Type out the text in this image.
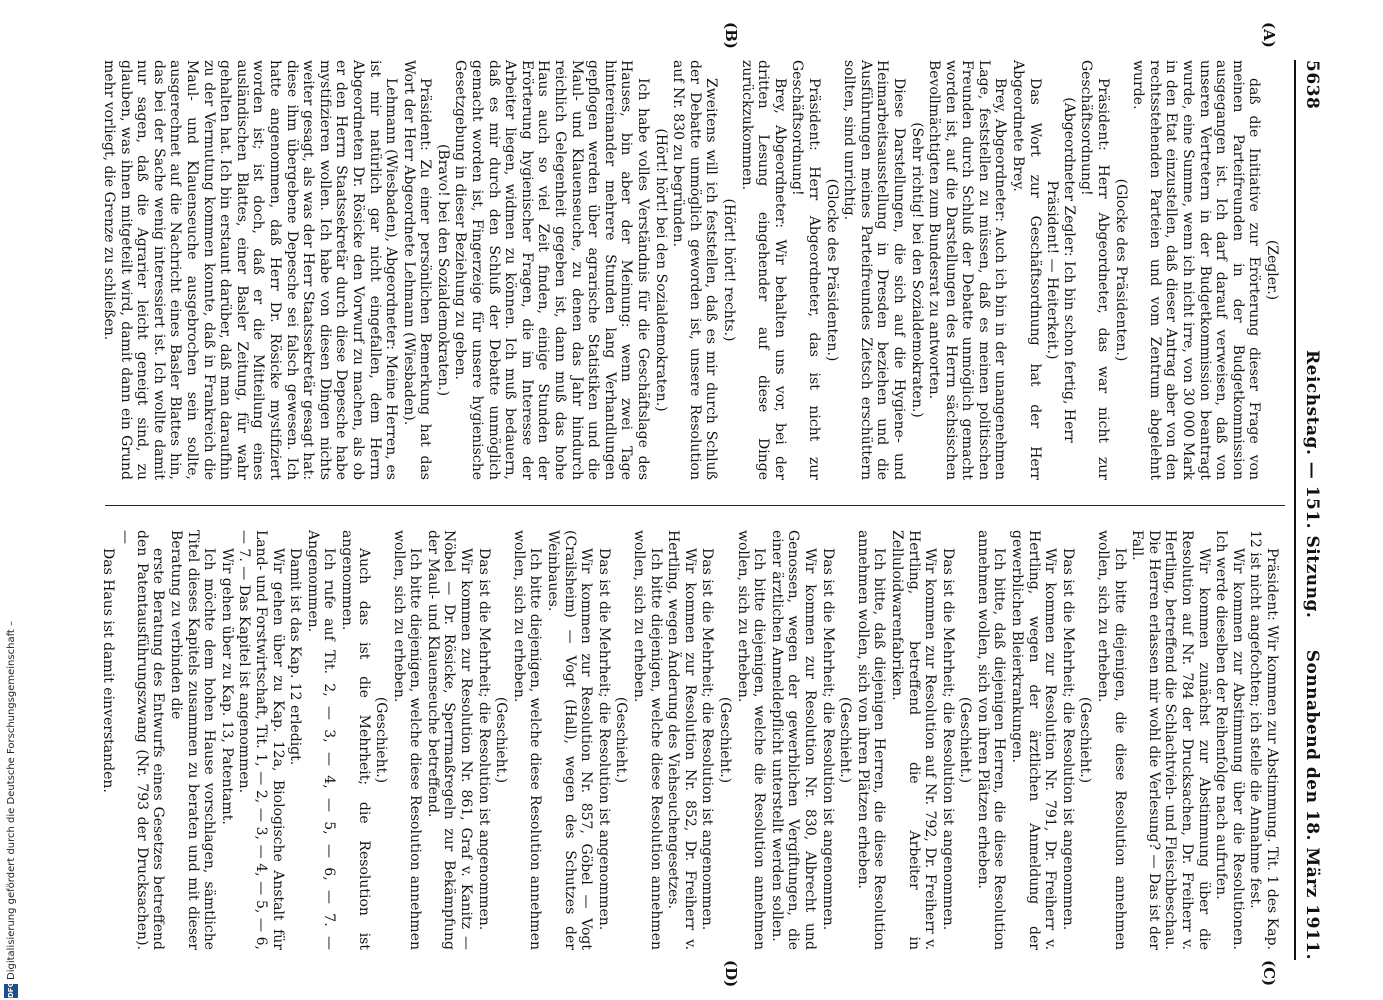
5638
Reichstag. — 151. Sitzung.
Sonnabend den 18. März 1911.
(A)
(B)
(C)
(D)

(Zegler.)

daß die Initiative zur Erörterung dieser Frage von meinen Parteifreunden in der Budgetkommission ausgegangen ist. Ich darf darauf verweisen, daß von unseren Vertretern in der Budgetkommission beantragt wurde, eine Summe, wenn ich nicht irre, von 30 000 Mark in den Etat einzustellen, daß dieser Antrag aber von den rechtsstehenden Parteien und vom Zentrum abgelehnt wurde.

(Glocke des Präsidenten.)

Präsident: Herr Abgeordneter, das war nicht zur Geschäftsordnung!

(Abgeordneter Zegler: Ich bin schon fertig, Herr Präsident! — Heiterkeit.)

Das Wort zur Geschäftsordnung hat der Herr Abgeordnete Brey.

Brey, Abgeordneter: Auch ich bin in der unangenehmen Lage, feststellen zu müssen, daß es meinen politischen Freunden durch Schluß der Debatte unmöglich gemacht worden ist, auf die Darstellungen des Herrn sächsischen Bevollmächtigten zum Bundesrat zu antworten.

(Sehr richtig! bei den Sozialdemokraten.)

Diese Darstellungen, die sich auf die Hygiene- und Heimarbeitsausstellung in Dresden beziehen und die Ausführungen meines Parteifreundes Zietsch erschüttern sollten, sind unrichtig.

(Glocke des Präsidenten.)

Präsident: Herr Abgeordneter, das ist nicht zur Geschäftsordnung!

Brey, Abgeordneter: Wir behalten uns vor, bei der dritten Lesung eingehender auf diese Dinge zurückzukommen.

(Hört! hört! rechts.)

Zweitens will ich feststellen, daß es mir durch Schluß der Debatte unmöglich geworden ist, unsere Resolution auf Nr. 830 zu begründen.

(Hört! hört! bei den Sozialdemokraten.)

Ich habe volles Verständnis für die Geschäftslage des Hauses, bin aber der Meinung: wenn zwei Tage hintereinander mehrere Stunden lang Verhandlungen gepflogen werden über agrarische Statistiken und die Maul- und Klauenseuche, zu denen das Jahr hindurch reichlich Gelegenheit gegeben ist, dann muß das hohe Haus auch so viel Zeit finden, einige Stunden der Erörterung hygienischer Fragen, die im Interesse der Arbeiter liegen, widmen zu können. Ich muß bedauern, daß es mir durch den Schluß der Debatte unmöglich gemacht worden ist, Fingerzeige für unsere hygienische Gesetzgebung in dieser Beziehung zu geben.

(Bravo! bei den Sozialdemokraten.)

Präsident: Zu einer persönlichen Bemerkung hat das Wort der Herr Abgeordnete Lehmann (Wiesbaden).

Lehmann (Wiesbaden), Abgeordneter: Meine Herren, es ist mir natürlich gar nicht eingefallen, dem Herrn Abgeordneten Dr. Rösicke den Vorwurf zu machen, als ob er den Herrn Staatssekretär durch diese Depesche habe mystifizieren wollen. Ich habe von diesen Dingen nichts weiter gesagt, als was der Herr Staatssekretär gesagt hat: diese ihm übergebene Depesche sei falsch gewesen. Ich hatte angenommen, daß Herr Dr. Rösicke mystifiziert worden ist; ist doch, daß er die Mitteilung eines ausländischen Blattes, einer Basler Zeitung, für wahr gehalten hat. Ich bin erstaunt darüber, daß man daraufhin zu der Vermutung kommen konnte, daß in Frankreich die Maul- und Klauenseuche ausgebrochen sein sollte, ausgerechnet auf die Nachricht eines Basler Blattes hin, das bei der Sache wenig interessiert ist. Ich wollte damit nur sagen, daß die Agrarier leicht geneigt sind, zu glauben, was ihnen mitgeteilt wird, damit dann ein Grund mehr vorliegt, die Grenze zu schließen.

Präsident: Wir kommen zur Abstimmung. Tit. 1 des Kap. 12 ist nicht angefochten; ich stelle die Annahme fest.

Wir kommen zur Abstimmung über die Resolutionen. Ich werde dieselben der Reihenfolge nach aufrufen.

Wir kommen zunächst zur Abstimmung über die Resolution auf Nr. 784 der Drucksachen, Dr. Freiherr v. Hertling, betreffend die Schlachtvieh- und Fleischbeschau. Die Herren erlassen mir wohl die Verlesung? — Das ist der Fall.

Ich bitte diejenigen, die diese Resolution annehmen wollen, sich zu erheben.

(Geschieht.)

Das ist die Mehrheit; die Resolution ist angenommen.

Wir kommen zur Resolution Nr. 791, Dr. Freiherr v. Hertling, wegen der ärztlichen Anmeldung der gewerblichen Bleierkrankungen.

Ich bitte, daß diejenigen Herren, die diese Resolution annehmen wollen, sich von ihren Plätzen erheben.

(Geschieht.)

Das ist die Mehrheit; die Resolution ist angenommen.

Wir kommen zur Resolution auf Nr. 792, Dr. Freiherr v. Hertling, betreffend die Arbeiter in Zelluloidwarenfabriken.

Ich bitte, daß diejenigen Herren, die diese Resolution annehmen wollen, sich von ihren Plätzen erheben.

(Geschieht.)

Das ist die Mehrheit; die Resolution ist angenommen.

Wir kommen zur Resolution Nr. 830, Albrecht und Genossen, wegen der gewerblichen Vergiftungen, die einer ärztlichen Anmeldepflicht unterstellt werden sollen.

Ich bitte diejenigen, welche die Resolution annehmen wollen, sich zu erheben.

(Geschieht.)

Das ist die Mehrheit; die Resolution ist angenommen.

Wir kommen zur Resolution Nr. 852, Dr. Freiherr v. Hertling, wegen Änderung des Viehseuchengesetzes.

Ich bitte diejenigen, welche diese Resolution annehmen wollen, sich zu erheben.

(Geschieht.)

Das ist die Mehrheit; die Resolution ist angenommen.

Wir kommen zur Resolution Nr. 857, Göbel — Vogt (Crailsheim) — Vogt (Hall), wegen des Schutzes der Weinbaues.

Ich bitte diejenigen, welche diese Resolution annehmen wollen, sich zu erheben.

(Geschieht.)

Das ist die Mehrheit; die Resolution ist angenommen.

Wir kommen zur Resolution Nr. 861, Graf v. Kanitz — Nöbel — Dr. Rösicke, Sperrmaßregeln zur Bekämpfung der Maul- und Klauenseuche betreffend.

Ich bitte diejenigen, welche diese Resolution annehmen wollen, sich zu erheben.

(Geschieht.)

Auch das ist die Mehrheit; die Resolution ist angenommen.

Ich rufe auf Tit. 2, — 3, — 4, — 5, — 6, — 7. — Angenommen.

Damit ist das Kap. 12 erledigt.

Wir gehen über zu Kap. 12a, Biologische Anstalt für Land- und Forstwirtschaft, Tit. 1, — 2, — 3, — 4, — 5, — 6, — 7. — Das Kapitel ist angenommen.

Wir gehen über zu Kap. 13, Patentamt.

Ich möchte dem hohen Hause vorschlagen, sämtliche Titel dieses Kapitels zusammen zu beraten und mit dieser Beratung zu verbinden die

erste Beratung des Entwurfs eines Gesetzes betreffend den Patentausführungszwang (Nr. 793 der Drucksachen). —

Das Haus ist damit einverstanden.

DFG
Digitalisierung gefördert durch die Deutsche Forschungsgemeinschaft –
